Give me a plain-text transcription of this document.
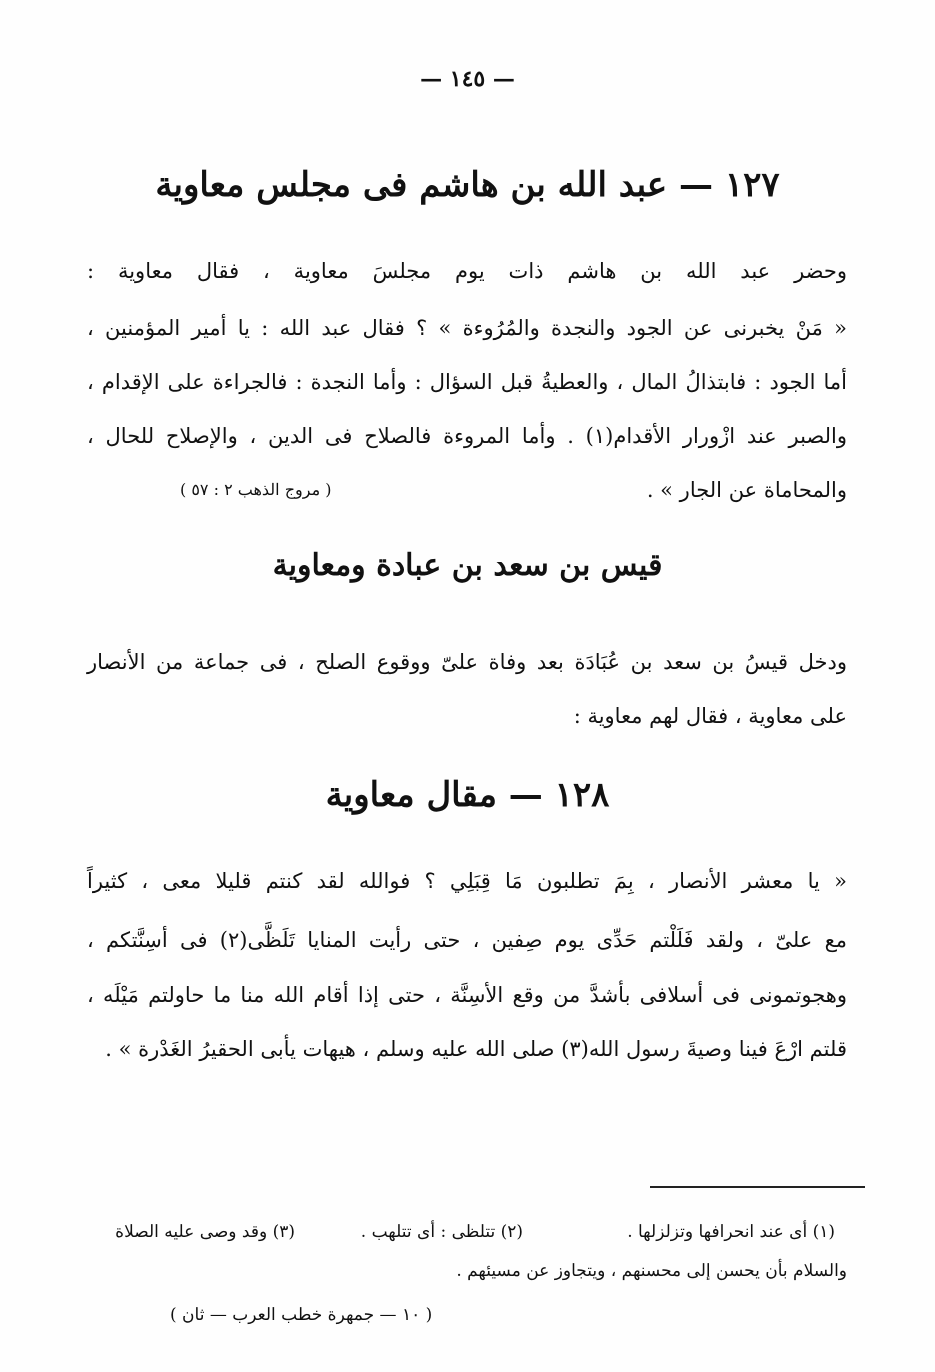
— ١٤٥ —
١٢٧ — عبد الله بن هاشم فى مجلس معاوية
وحضر عبد الله بن هاشم ذات يوم مجلسَ معاوية ، فقال معاوية :
« مَنْ يخبرنى عن الجود والنجدة والمُرُوءة » ؟ فقال عبد الله : يا أمير المؤمنين ،
أما الجود : فابتذالُ المال ، والعطيةُ قبل السؤال : وأما النجدة : فالجراءة على الإقدام ،
والصبر عند ازْورار الأقدام(١) . وأما المروءة فالصلاح فى الدين ، والإصلاح للحال ،
والمحاماة عن الجار » .
( مروج الذهب ٢ : ٥٧ )
قيس بن سعد بن عبادة ومعاوية
ودخل قيسُ بن سعد بن عُبَادَة بعد وفاة علىّ ووقوع الصلح ، فى جماعة من الأنصار
على معاوية ، فقال لهم معاوية :
١٢٨ — مقال معاوية
« يا معشر الأنصار ، بِمَ تطلبون مَا قِبَلِي ؟ فوالله لقد كنتم قليلا معى ، كثيراً
مع علىّ ، ولقد فَلَلْتم حَدِّى يوم صِفين ، حتى رأيت المنايا تَلَظَّى(٢) فى أسِنَّتكم ،
وهجوتمونى فى أسلافى بأشدَّ من وقع الأسِنَّة ، حتى إذا أقام الله منا ما حاولتم مَيْلَه ،
قلتم ارْعَ فينا وصيةَ رسول الله(٣) صلى الله عليه وسلم ، هيهات يأبى الحقيرُ الغَدْرة » .
(١) أى عند انحرافها وتزلزلها .
(٢) تتلظى : أى تتلهب .
(٣) وقد وصى عليه الصلاة
والسلام بأن يحسن إلى محسنهم ، ويتجاوز عن مسيئهم .
( ١٠ — جمهرة خطب العرب — ثان )
